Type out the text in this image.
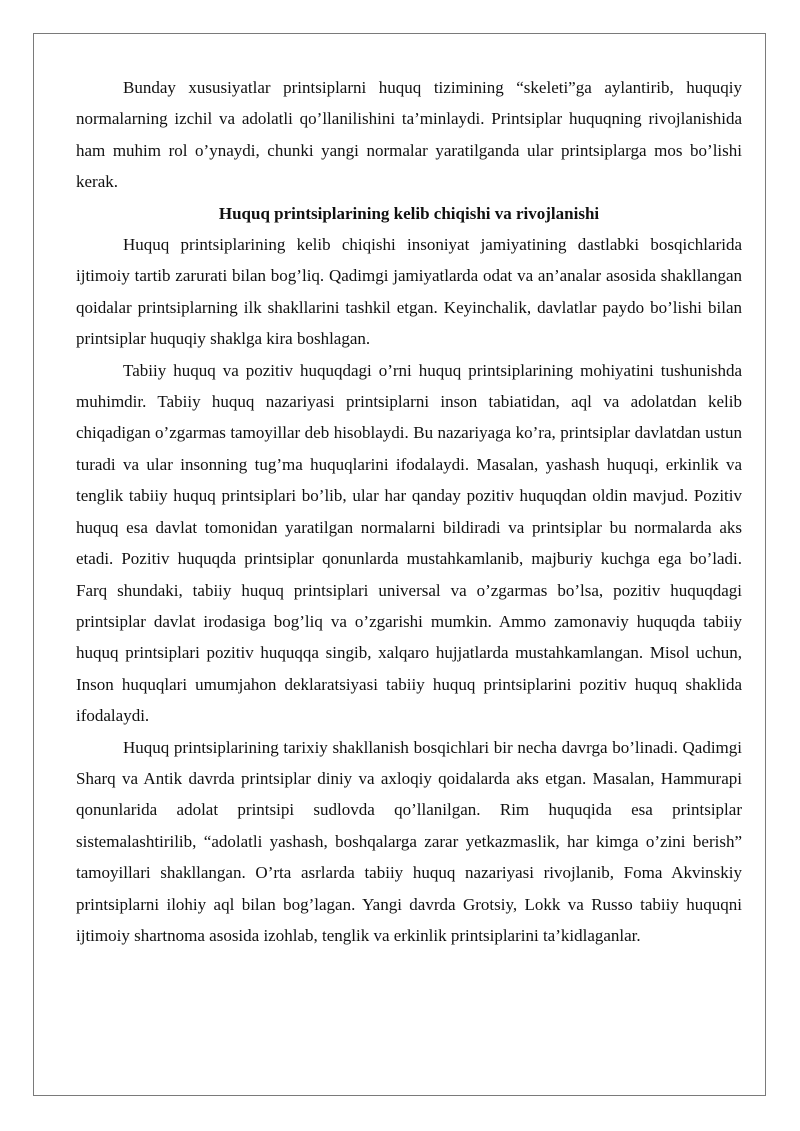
Bunday xususiyatlar printsiplarni huquq tizimining “skeleti”ga aylantirib, huquqiy normalarning izchil va adolatli qo’llanilishini ta’minlaydi. Printsiplar huquqning rivojlanishida ham muhim rol o’ynaydi, chunki yangi normalar yaratilganda ular printsiplarga mos bo’lishi kerak.

Huquq printsiplarining kelib chiqishi va rivojlanishi

Huquq printsiplarining kelib chiqishi insoniyat jamiyatining dastlabki bosqichlarida ijtimoiy tartib zarurati bilan bog’liq. Qadimgi jamiyatlarda odat va an’analar asosida shakllangan qoidalar printsiplarning ilk shakllarini tashkil etgan. Keyinchalik, davlatlar paydo bo’lishi bilan printsiplar huquqiy shaklga kira boshlagan.

Tabiiy huquq va pozitiv huquqdagi o’rni huquq printsiplarining mohiyatini tushunishda muhimdir. Tabiiy huquq nazariyasi printsiplarni inson tabiatidan, aql va adolatdan kelib chiqadigan o’zgarmas tamoyillar deb hisoblaydi. Bu nazariyaga ko’ra, printsiplar davlatdan ustun turadi va ular insonning tug’ma huquqlarini ifodalaydi. Masalan, yashash huquqi, erkinlik va tenglik tabiiy huquq printsiplari bo’lib, ular har qanday pozitiv huquqdan oldin mavjud. Pozitiv huquq esa davlat tomonidan yaratilgan normalarni bildiradi va printsiplar bu normalarda aks etadi. Pozitiv huquqda printsiplar qonunlarda mustahkamlanib, majburiy kuchga ega bo’ladi. Farq shundaki, tabiiy huquq printsiplari universal va o’zgarmas bo’lsa, pozitiv huquqdagi printsiplar davlat irodasiga bog’liq va o’zgarishi mumkin. Ammo zamonaviy huquqda tabiiy huquq printsiplari pozitiv huquqqa singib, xalqaro hujjatlarda mustahkamlangan. Misol uchun, Inson huquqlari umumjahon deklaratsiyasi tabiiy huquq printsiplarini pozitiv huquq shaklida ifodalaydi.

Huquq printsiplarining tarixiy shakllanish bosqichlari bir necha davrga bo’linadi. Qadimgi Sharq va Antik davrda printsiplar diniy va axloqiy qoidalarda aks etgan. Masalan, Hammurapi qonunlarida adolat printsipi sudlovda qo’llanilgan. Rim huquqida esa printsiplar sistemalashtirilib, “adolatli yashash, boshqalarga zarar yetkazmaslik, har kimga o’zini berish” tamoyillari shakllangan. O’rta asrlarda tabiiy huquq nazariyasi rivojlanib, Foma Akvinskiy printsiplarni ilohiy aql bilan bog’lagan. Yangi davrda Grotsiy, Lokk va Russo tabiiy huquqni ijtimoiy shartnoma asosida izohlab, tenglik va erkinlik printsiplarini ta’kidlaganlar.
